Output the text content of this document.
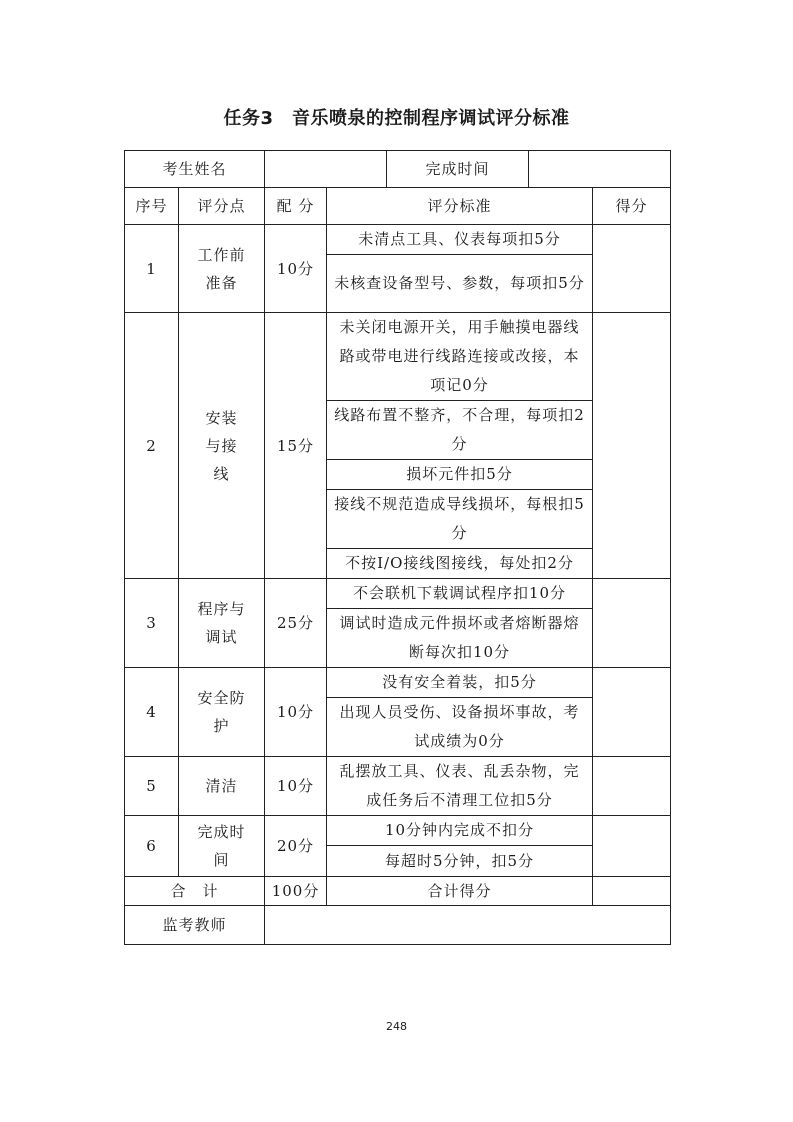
任务3　音乐喷泉的控制程序调试评分标准
考生姓名				完成时间		
序号	评分点	配 分	评分标准			得分
1	工作前准备	10分	未清点工具、仪表每项扣5分			
			未核查设备型号、参数，每项扣5分			
2	安装与接线	15分	未关闭电源开关，用手触摸电器线路或带电进行线路连接或改接，本项记0分			
			线路布置不整齐，不合理，每项扣2分			
			损坏元件扣5分			
			接线不规范造成导线损坏，每根扣5分			
			不按I/O接线图接线，每处扣2分			
3	程序与调试	25分	不会联机下载调试程序扣10分			
			调试时造成元件损坏或者熔断器熔断每次扣10分			
4	安全防护	10分	没有安全着装，扣5分			
			出现人员受伤、设备损坏事故，考试成绩为0分			
5	清洁	10分	乱摆放工具、仪表、乱丢杂物，完成任务后不清理工位扣5分			
6	完成时间	20分	10分钟内完成不扣分			
			每超时5分钟，扣5分			
合　计		100分	合计得分			
监考教师						
248
